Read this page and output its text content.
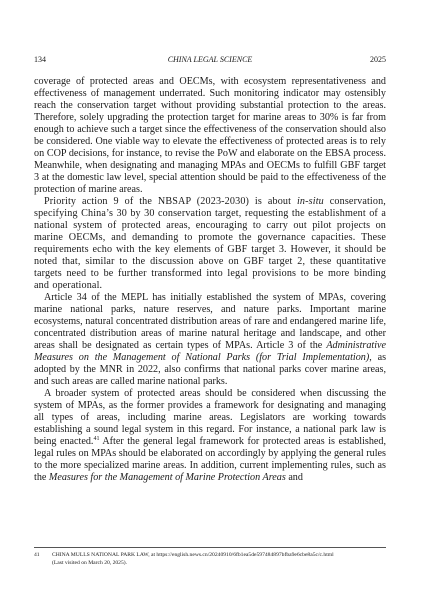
134	CHINA LEGAL SCIENCE	2025

coverage of protected areas and OECMs, with ecosystem representativeness and effectiveness of management underrated. Such monitoring indicator may ostensibly reach the conservation target without providing substantial protection to the areas. Therefore, solely upgrading the protection target for marine areas to 30% is far from enough to achieve such a target since the effectiveness of the conservation should also be considered. One viable way to elevate the effectiveness of protected areas is to rely on COP decisions, for instance, to revise the PoW and elaborate on the EBSA process. Meanwhile, when designating and managing MPAs and OECMs to fulfill GBF target 3 at the domestic law level, special attention should be paid to the effectiveness of the protection of marine areas.

Priority action 9 of the NBSAP (2023-2030) is about in-situ conservation, specifying China’s 30 by 30 conservation target, requesting the establishment of a national system of protected areas, encouraging to carry out pilot projects on marine OECMs, and demanding to promote the governance capacities. These requirements echo with the key elements of GBF target 3. However, it should be noted that, similar to the discussion above on GBF target 2, these quantitative targets need to be further transformed into legal provisions to be more binding and operational.

Article 34 of the MEPL has initially established the system of MPAs, covering marine national parks, nature reserves, and nature parks. Important marine ecosystems, natural concentrated distribution areas of rare and endangered marine life, concentrated distribution areas of marine natural heritage and landscape, and other areas shall be designated as certain types of MPAs. Article 3 of the Administrative Measures on the Management of National Parks (for Trial Implementation), as adopted by the MNR in 2022, also confirms that national parks cover marine areas, and such areas are called marine national parks.

A broader system of protected areas should be considered when discussing the system of MPAs, as the former provides a framework for designating and managing all types of areas, including marine areas. Legislators are working towards establishing a sound legal system in this regard. For instance, a national park law is being enacted.$^{41}$ After the general legal framework for protected areas is established, legal rules on MPAs should be elaborated on accordingly by applying the general rules to the more specialized marine areas. In addition, current implementing rules, such as the Measures for the Management of Marine Protection Areas and

41 CHINA MULLS NATIONAL PARK LAW, at https://english.news.cn/20240910/6fb1ea5de597484897bfba9e6cbe8a5c/c.html
(Last visited on March 20, 2025).
